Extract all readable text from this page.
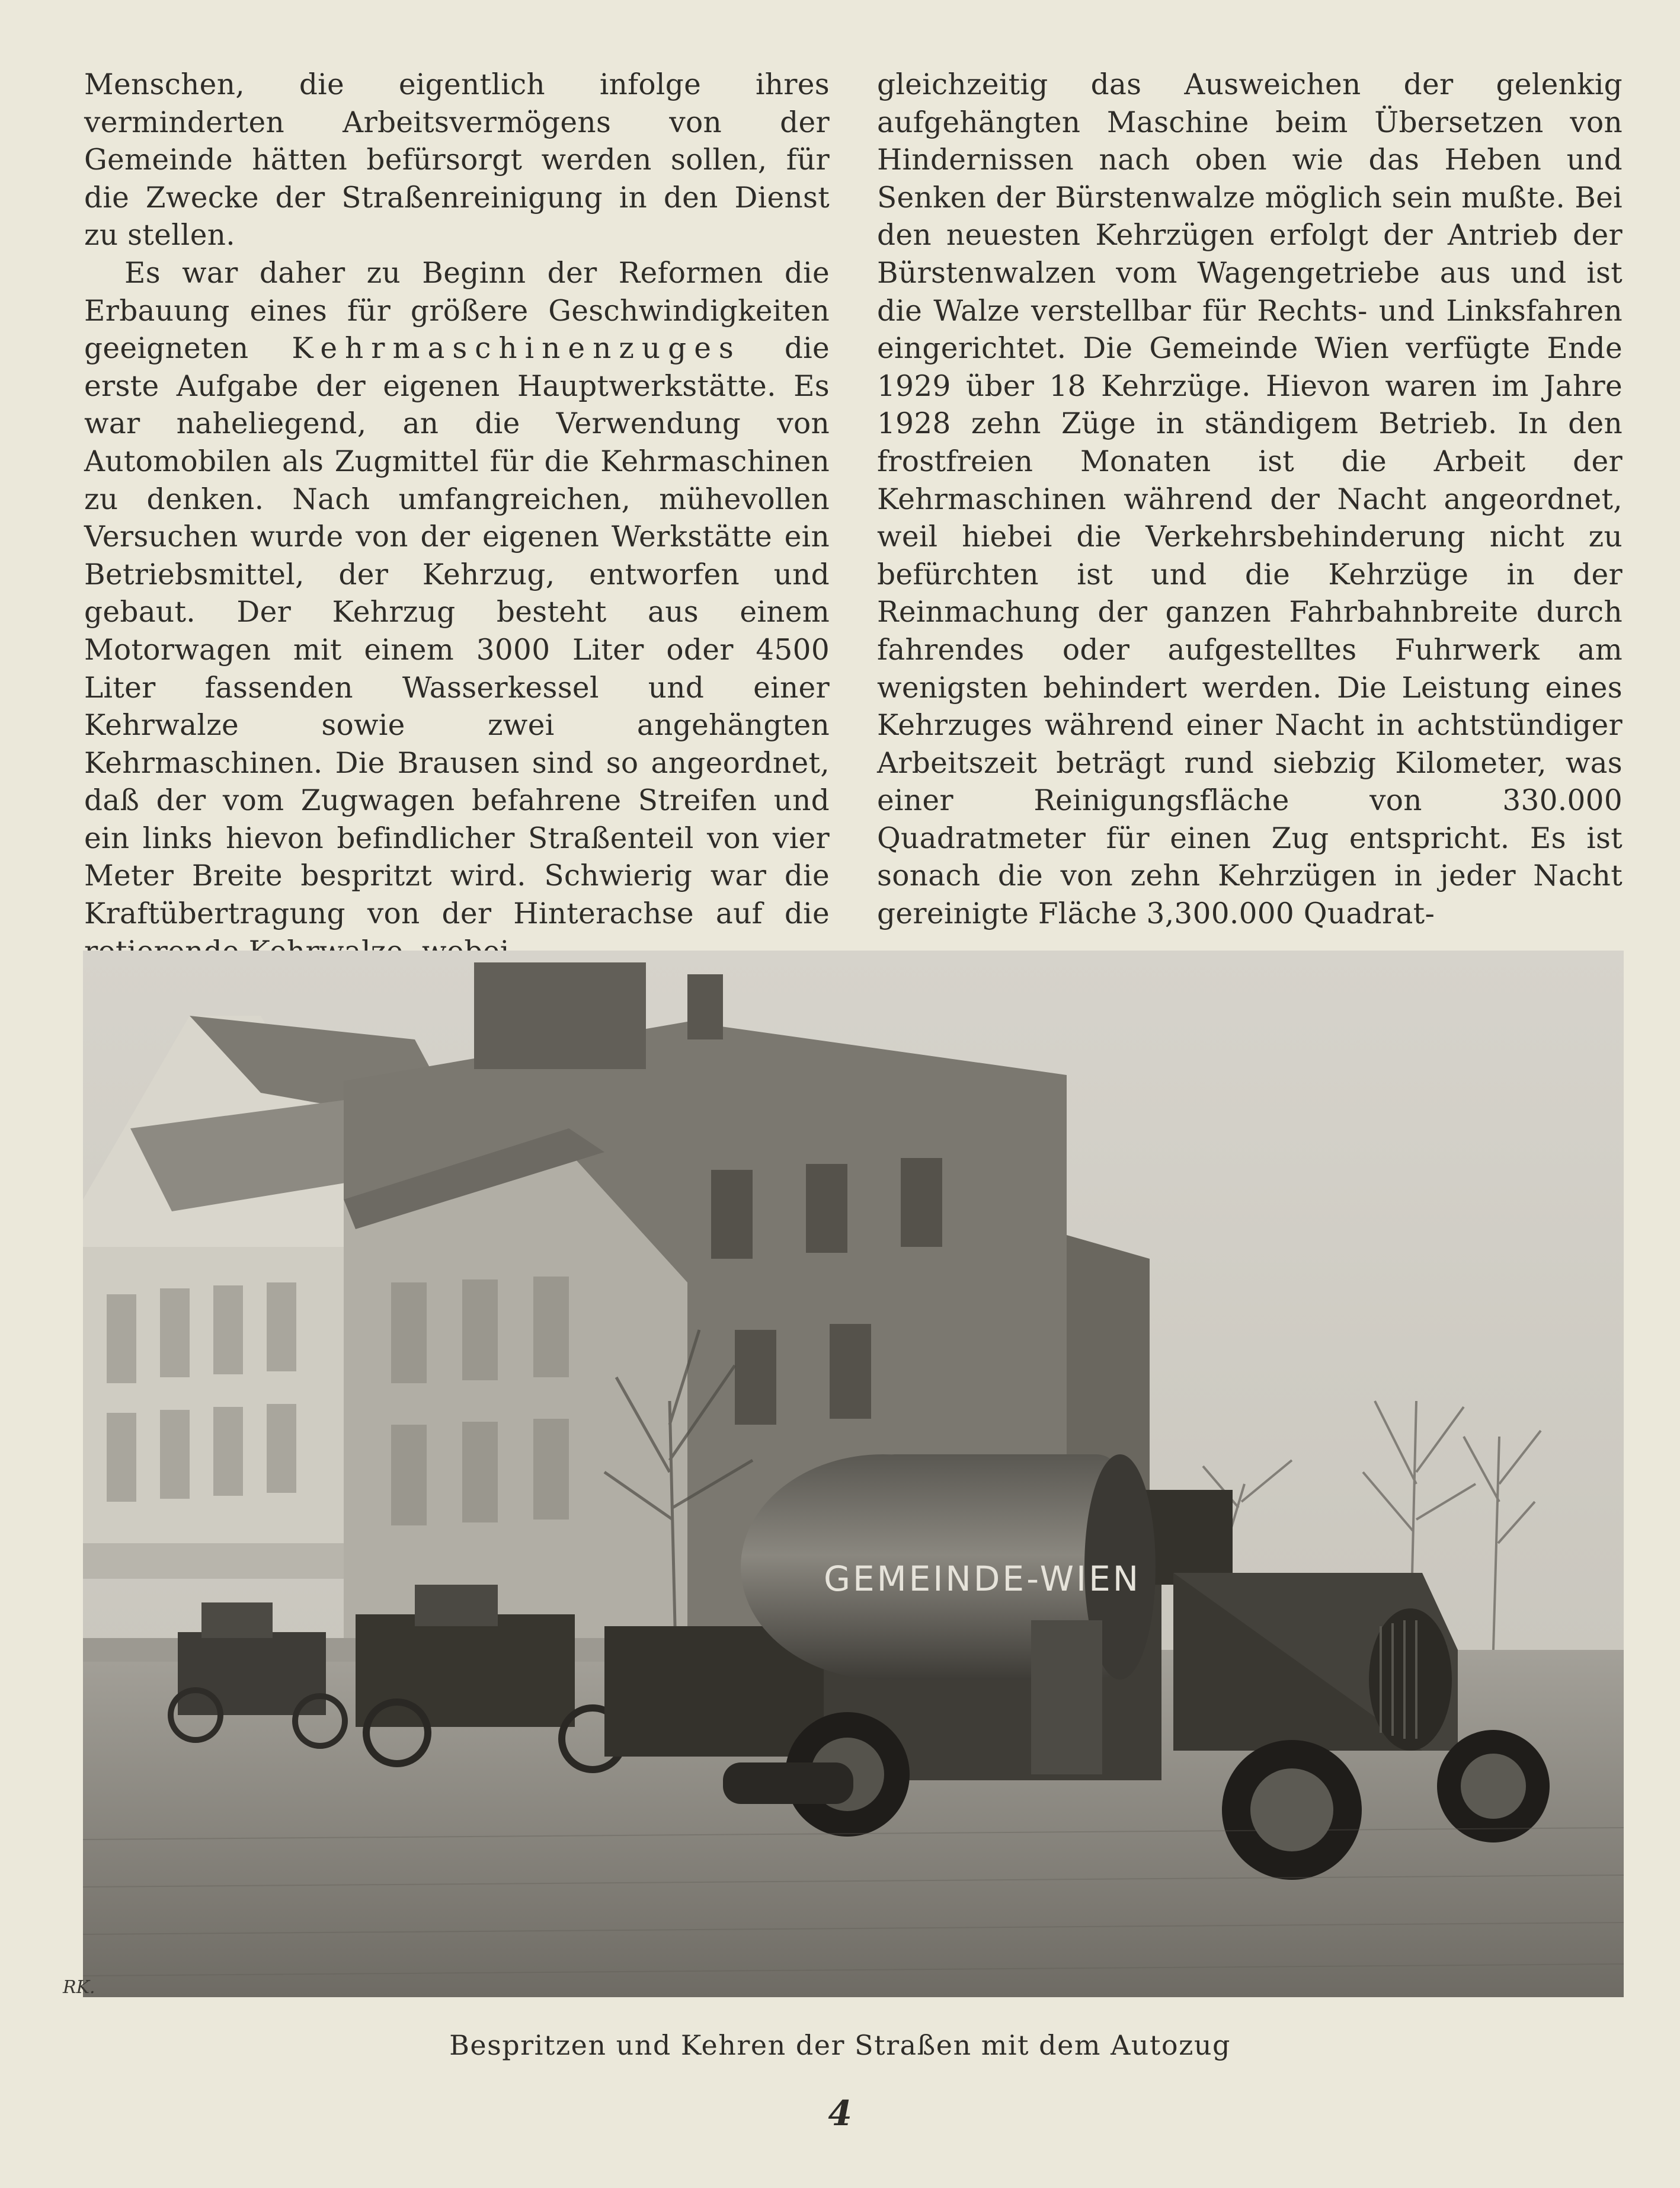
Menschen, die eigentlich infolge ihres verminderten Arbeitsvermögens von der Gemeinde hätten befürsorgt werden sollen, für die Zwecke der Straßenreinigung in den Dienst zu stellen.

Es war daher zu Beginn der Reformen die Erbauung eines für größere Geschwindigkeiten geeigneten Kehrmaschinenzuges die erste Aufgabe der eigenen Hauptwerkstätte. Es war naheliegend, an die Verwendung von Automobilen als Zugmittel für die Kehrmaschinen zu denken. Nach umfangreichen, mühevollen Versuchen wurde von der eigenen Werkstätte ein Betriebsmittel, der Kehrzug, entworfen und gebaut. Der Kehrzug besteht aus einem Motorwagen mit einem 3000 Liter oder 4500 Liter fassenden Wasserkessel und einer Kehrwalze sowie zwei angehängten Kehrmaschinen. Die Brausen sind so angeordnet, daß der vom Zugwagen befahrene Streifen und ein links hievon befindlicher Straßenteil von vier Meter Breite bespritzt wird. Schwierig war die Kraftübertragung von der Hinterachse auf die

gleichzeitig das Ausweichen der gelenkig aufgehängten Maschine beim Übersetzen von Hindernissen nach oben wie das Heben und Senken der Bürstenwalze möglich sein mußte. Bei den neuesten Kehrzügen erfolgt der Antrieb der Bürstenwalzen vom Wagengetriebe aus und ist die Walze verstellbar für Rechts- und Linksfahren eingerichtet. Die Gemeinde Wien verfügte Ende 1929 über 18 Kehrzüge. Hievon waren im Jahre 1928 zehn Züge in ständigem Betrieb. In den frostfreien Monaten ist die Arbeit der Kehrmaschinen während der Nacht angeordnet, weil hiebei die Verkehrsbehinderung nicht zu befürchten ist und die Kehrzüge in der Reinmachung der ganzen Fahrbahnbreite durch fahrendes oder aufgestelltes Fuhrwerk am wenigsten behindert werden. Die Leistung eines Kehrzuges während einer Nacht in achtstündiger Arbeitszeit beträgt rund siebzig Kilometer, was einer Reinigungsfläche von 330.000 Quadratmeter für einen Zug entspricht. Es ist sonach die von zehn Kehrzügen in jeder Nacht gereinigte Fläche 3,300.000 Quadrat-

GEMEINDE-WIEN
RK.
Bespritzen und Kehren der Straßen mit dem Autozug
4
